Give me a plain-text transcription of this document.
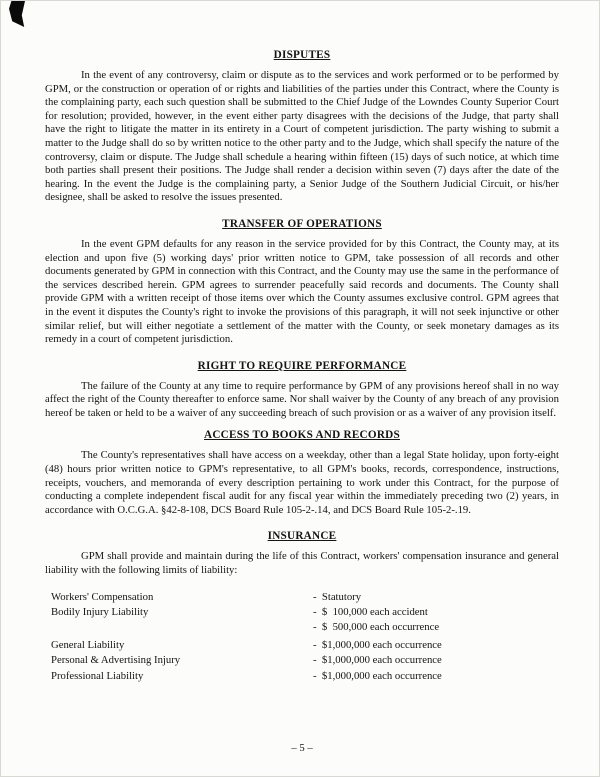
DISPUTES

In the event of any controversy, claim or dispute as to the services and work performed or to be performed by GPM, or the construction or operation of or rights and liabilities of the parties under this Contract, where the County is the complaining party, each such question shall be submitted to the Chief Judge of the Lowndes County Superior Court for resolution; provided, however, in the event either party disagrees with the decisions of the Judge, that party shall have the right to litigate the matter in its entirety in a Court of competent jurisdiction. The party wishing to submit a matter to the Judge shall do so by written notice to the other party and to the Judge, which shall specify the nature of the controversy, claim or dispute. The Judge shall schedule a hearing within fifteen (15) days of such notice, at which time both parties shall present their positions. The Judge shall render a decision within seven (7) days after the date of the hearing. In the event the Judge is the complaining party, a Senior Judge of the Southern Judicial Circuit, or his/her designee, shall be asked to resolve the issues presented.

TRANSFER OF OPERATIONS

In the event GPM defaults for any reason in the service provided for by this Contract, the County may, at its election and upon five (5) working days' prior written notice to GPM, take possession of all records and other documents generated by GPM in connection with this Contract, and the County may use the same in the performance of the services described herein. GPM agrees to surrender peacefully said records and documents. The County shall provide GPM with a written receipt of those items over which the County assumes exclusive control. GPM agrees that in the event it disputes the County's right to invoke the provisions of this paragraph, it will not seek injunctive or other similar relief, but will either negotiate a settlement of the matter with the County, or seek monetary damages as its remedy in a court of competent jurisdiction.

RIGHT TO REQUIRE PERFORMANCE

The failure of the County at any time to require performance by GPM of any provisions hereof shall in no way affect the right of the County thereafter to enforce same. Nor shall waiver by the County of any breach of any provision hereof be taken or held to be a waiver of any succeeding breach of such provision or as a waiver of any provision itself.

ACCESS TO BOOKS AND RECORDS

The County's representatives shall have access on a weekday, other than a legal State holiday, upon forty-eight (48) hours prior written notice to GPM's representative, to all GPM's books, records, correspondence, instructions, receipts, vouchers, and memoranda of every description pertaining to work under this Contract, for the purpose of conducting a complete independent fiscal audit for any fiscal year within the immediately preceding two (2) years, in accordance with O.C.G.A. §42-8-108, DCS Board Rule 105-2-.14, and DCS Board Rule 105-2-.19.

INSURANCE

GPM shall provide and maintain during the life of this Contract, workers' compensation insurance and general liability with the following limits of liability:

Workers' Compensation	-  Statutory
Bodily Injury Liability	-  $  100,000 each accident
-  $  500,000 each occurrence
General Liability	-  $1,000,000 each occurrence
Personal & Advertising Injury	-  $1,000,000 each occurrence
Professional Liability	-  $1,000,000 each occurrence
– 5 –
